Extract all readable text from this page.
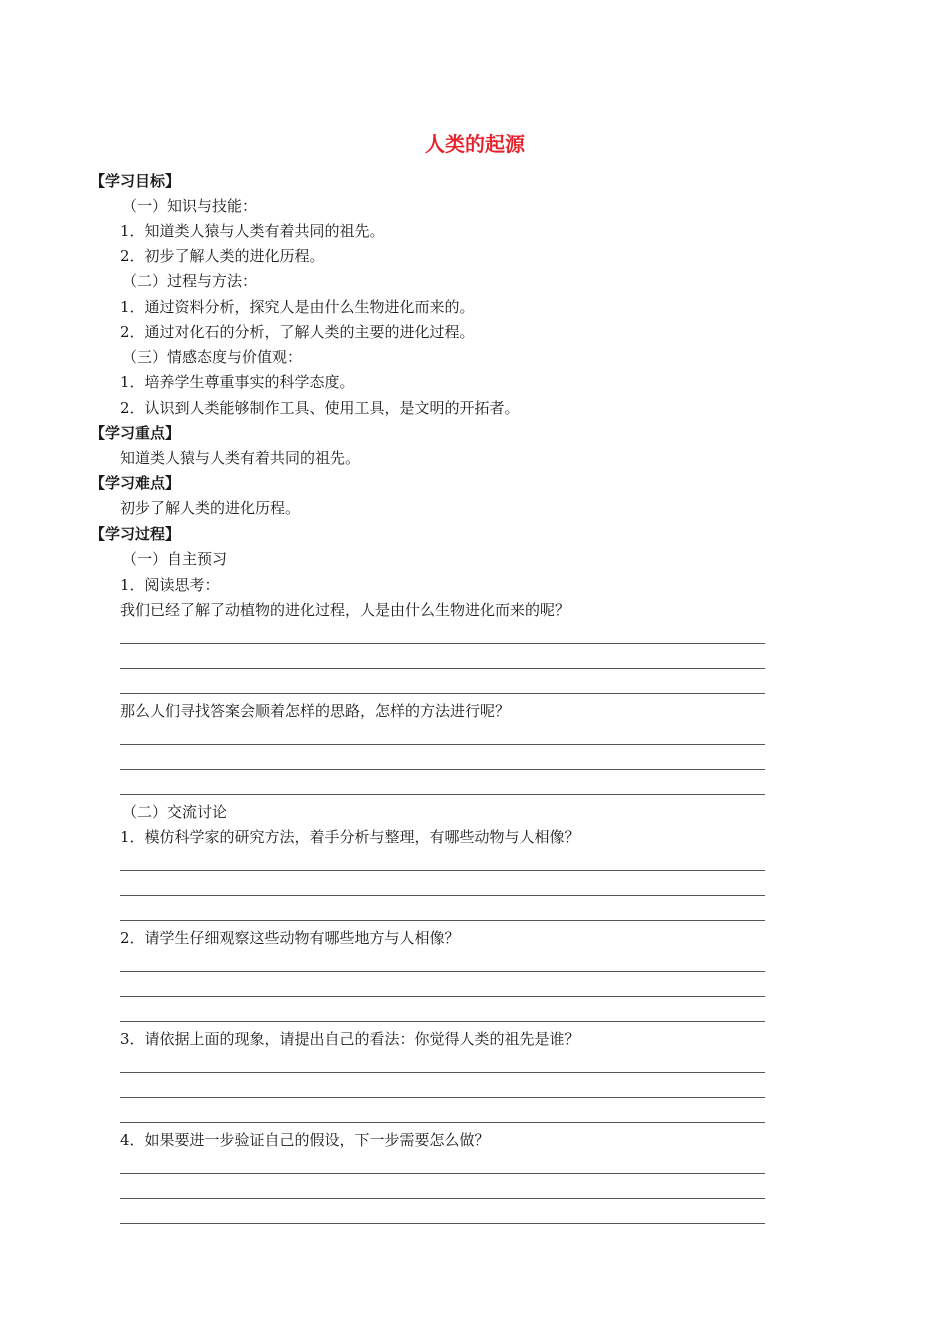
人类的起源
【学习目标】
（一）知识与技能：
1．知道类人猿与人类有着共同的祖先。
2．初步了解人类的进化历程。
（二）过程与方法：
1．通过资料分析，探究人是由什么生物进化而来的。
2．通过对化石的分析，了解人类的主要的进化过程。
（三）情感态度与价值观：
1．培养学生尊重事实的科学态度。
2．认识到人类能够制作工具、使用工具，是文明的开拓者。
【学习重点】
知道类人猿与人类有着共同的祖先。
【学习难点】
初步了解人类的进化历程。
【学习过程】
（一）自主预习
1．阅读思考：
我们已经了解了动植物的进化过程，人是由什么生物进化而来的呢？
那么人们寻找答案会顺着怎样的思路，怎样的方法进行呢？
（二）交流讨论
1．模仿科学家的研究方法，着手分析与整理，有哪些动物与人相像？
2．请学生仔细观察这些动物有哪些地方与人相像？
3．请依据上面的现象，请提出自己的看法：你觉得人类的祖先是谁？
4．如果要进一步验证自己的假设，下一步需要怎么做？
